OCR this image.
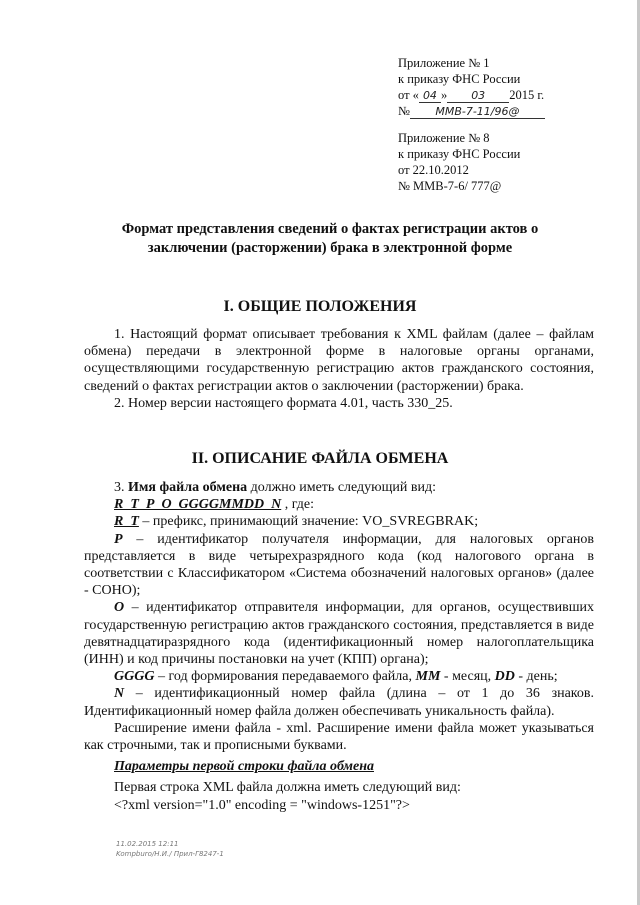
Приложение № 1
к приказу ФНС России
от « 04 » 03 2015 г.
№ ММВ-7-11/96@
Приложение № 8
к приказу ФНС России
от 22.10.2012
№ ММВ-7-6/ 777@
Формат представления сведений о фактах регистрации актов о заключении (расторжении) брака в электронной форме
I. ОБЩИЕ ПОЛОЖЕНИЯ

1. Настоящий формат описывает требования к XML файлам (далее – файлам обмена) передачи в электронной форме в налоговые органы органами, осуществляющими государственную регистрацию актов гражданского состояния, сведений о фактах регистрации актов о заключении (расторжении) брака.

2. Номер версии настоящего формата 4.01, часть 330_25.

II. ОПИСАНИЕ ФАЙЛА ОБМЕНА

3. Имя файла обмена должно иметь следующий вид:

R_T_P_O_GGGGMMDD_N , где:

R_T – префикс, принимающий значение: VO_SVREGBRAK;

P – идентификатор получателя информации, для налоговых органов представляется в виде четырехразрядного кода (код налогового органа в соответствии с Классификатором «Система обозначений налоговых органов» (далее - СОНО);

O – идентификатор отправителя информации, для органов, осуществивших государственную регистрацию актов гражданского состояния, представляется в виде девятнадцатиразрядного кода (идентификационный номер налогоплательщика (ИНН) и код причины постановки на учет (КПП) органа);

GGGG – год формирования передаваемого файла, MM - месяц, DD - день;

N – идентификационный номер файла (длина – от 1 до 36 знаков. Идентификационный номер файла должен обеспечивать уникальность файла).

Расширение имени файла - xml. Расширение имени файла может указываться как строчными, так и прописными буквами.

Параметры первой строки файла обмена

Первая строка XML файла должна иметь следующий вид:

<?xml version="1.0" encoding = "windows-1251"?>

11.02.2015 12:11
Kompburo/Н.И./ Прил-Г8247-1
